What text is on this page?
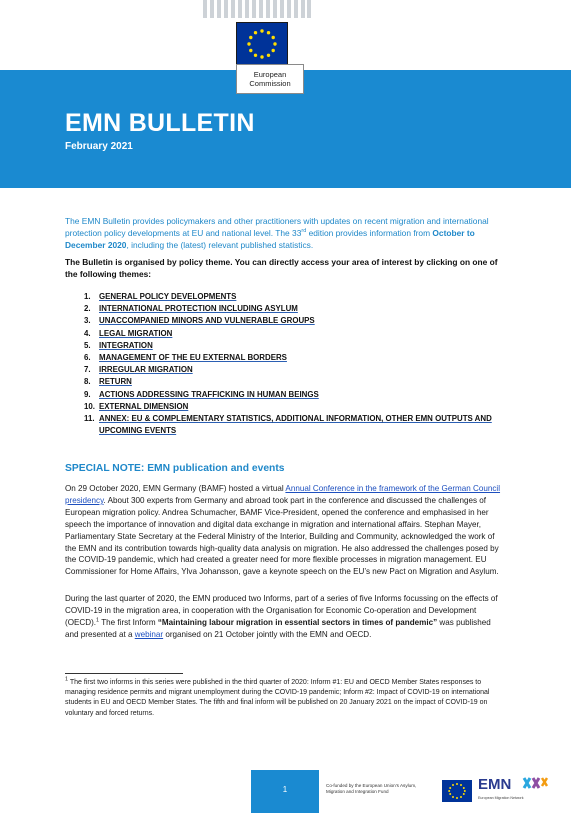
European
Commission
EMN BULLETIN
February 2021
The EMN Bulletin provides policymakers and other practitioners with updates on recent migration and international protection policy developments at EU and national level. The 33rd edition provides information from October to December 2020, including the (latest) relevant published statistics.
The Bulletin is organised by policy theme. You can directly access your area of interest by clicking on one of the following themes:
1.	GENERAL POLICY DEVELOPMENTS
2.	INTERNATIONAL PROTECTION INCLUDING ASYLUM
3.	UNACCOMPANIED MINORS AND VULNERABLE GROUPS
4.	LEGAL MIGRATION
5.	INTEGRATION
6.	MANAGEMENT OF THE EU EXTERNAL BORDERS
7.	IRREGULAR MIGRATION
8.	RETURN
9.	ACTIONS ADDRESSING TRAFFICKING IN HUMAN BEINGS
10. EXTERNAL DIMENSION
11. ANNEX: EU & COMPLEMENTARY STATISTICS, ADDITIONAL INFORMATION, OTHER EMN OUTPUTS AND UPCOMING EVENTS
SPECIAL NOTE: EMN publication and events
On 29 October 2020, EMN Germany (BAMF) hosted a virtual Annual Conference in the framework of the German Council presidency. About 300 experts from Germany and abroad took part in the conference and discussed the challenges of European migration policy. Andrea Schumacher, BAMF Vice-President, opened the conference and emphasised in her speech the importance of innovation and digital data exchange in migration and international affairs. Stephan Mayer, Parliamentary State Secretary at the Federal Ministry of the Interior, Building and Community, acknowledged the work of the EMN and its contribution towards high-quality data analysis on migration. He also addressed the challenges posed by the COVID-19 pandemic, which had created a greater need for more flexible processes in migration management. EU Commissioner for Home Affairs, Ylva Johansson, gave a keynote speech on the EU’s new Pact on Migration and Asylum.
During the last quarter of 2020, the EMN produced two Informs, part of a series of five Informs focussing on the effects of COVID-19 in the migration area, in cooperation with the Organisation for Economic Co-operation and Development (OECD).$^1$ The first Inform “Maintaining labour migration in essential sectors in times of pandemic” was published and presented at a webinar organised on 21 October jointly with the EMN and OECD.
$^1$ The first two informs in this series were published in the third quarter of 2020: Inform #1: EU and OECD Member States responses to managing residence permits and migrant unemployment during the COVID-19 pandemic; Inform #2: Impact of COVID-19 on international students in EU and OECD Member States. The fifth and final inform will be published on 20 January 2021 on the impact of COVID-19 on voluntary and forced returns.
1	Co-funded by the European Union’s Asylum, Migration and Integration Fund	EMN
European Migration Network
